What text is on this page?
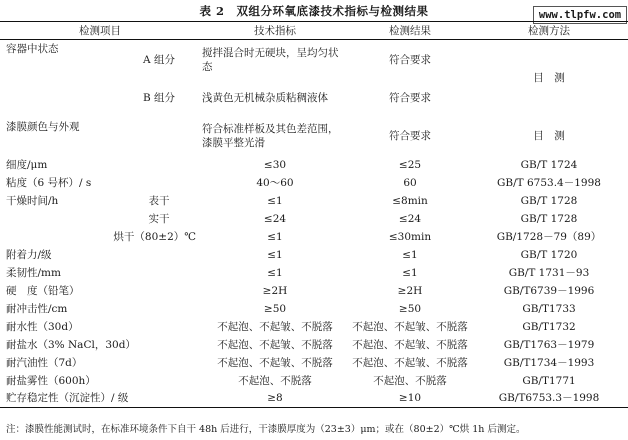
表 2　双组分环氧底漆技术指标与检测结果	www.tlpfw.com
检测项目		技术指标	检测结果	检测方法
容器中状态	A 组分	搅拌混合时无硬块，呈均匀状态	符合要求	目　测
	B 组分	浅黄色无机械杂质粘稠液体	符合要求	
漆膜颜色与外观		符合标准样板及其色差范围，漆膜平整光滑	符合要求	目　测
细度/μm		≤30	≤25	GB/T 1724
粘度（6 号杯）/ s		40～60	60	GB/T 6753.4－1998
干燥时间/h	表干	≤1	≤8min	GB/T 1728
	实干	≤24	≤24	GB/T 1728
烘干（80±2）℃		≤1	≤30min	GB/1728－79（89）
附着力/级		≤1	≤1	GB/T 1720
柔韧性/mm		≤1	≤1	GB/T 1731－93
硬　度（铅笔）		≥2H	≥2H	GB/T6739－1996
耐冲击性/cm		≥50	≥50	GB/T1733
耐水性（30d）		不起泡、不起皱、不脱落	不起泡、不起皱、不脱落	GB/T1732
耐盐水（3% NaCl，30d）		不起泡、不起皱、不脱落	不起泡、不起皱、不脱落	GB/T1763－1979
耐汽油性（7d）		不起泡、不起皱、不脱落	不起泡、不起皱、不脱落	GB/T1734－1993
耐盐雾性（600h）		不起泡、不脱落	不起泡、不脱落	GB/T1771
贮存稳定性（沉淀性）/ 级		≥8	≥10	GB/T6753.3－1998
注：漆膜性能测试时，在标准环境条件下自干 48h 后进行，干漆膜厚度为（23±3）μm；或在（80±2）℃烘 1h 后测定。
